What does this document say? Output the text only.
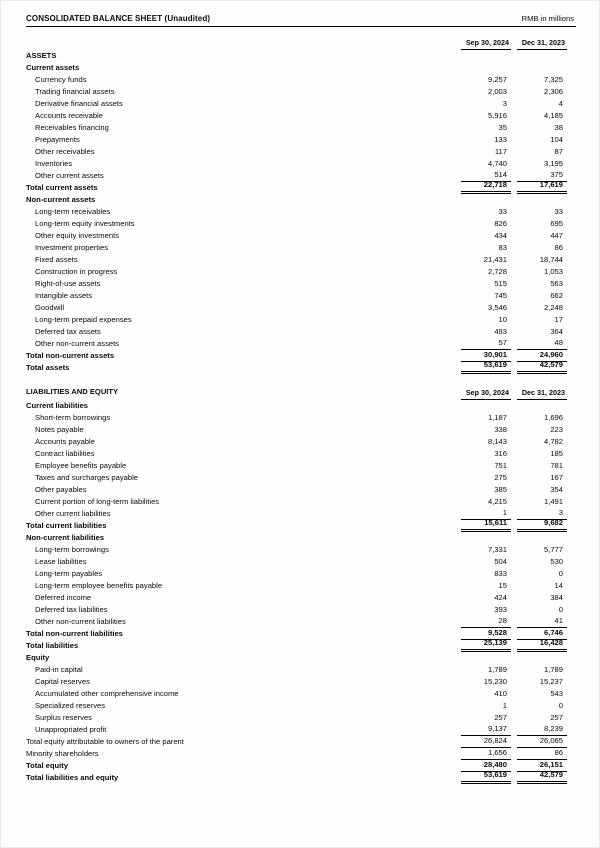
CONSOLIDATED BALANCE SHEET (Unaudited)	RMB in millions
Sep 30, 2024	Dec 31, 2023
ASSETS
Current assets
Currency funds	9,257	7,325
Trading financial assets	2,003	2,306
Derivative financial assets	3	4
Accounts receivable	5,916	4,185
Receivables financing	35	38
Prepayments	133	104
Other receivables	117	87
Inventories	4,740	3,195
Other current assets	514	375
Total current assets	22,718	17,619
Non-current assets
Long-term receivables	33	33
Long-term equity investments	826	695
Other equity investments	434	447
Investment properties	83	86
Fixed assets	21,431	18,744
Construction in progress	2,728	1,053
Right-of-use assets	515	563
Intangible assets	745	662
Goodwill	3,546	2,248
Long-term prepaid expenses	10	17
Deferred tax assets	493	364
Other non-current assets	57	48
Total non-current assets	30,901	24,960
Total assets	53,619	42,579
LIABILITIES AND EQUITY	Sep 30, 2024	Dec 31, 2023
Current liabilities
Short-term borrowings	1,187	1,696
Notes payable	338	223
Accounts payable	8,143	4,782
Contract liabilities	316	185
Employee benefits payable	751	781
Taxes and surcharges payable	275	167
Other payables	385	354
Current portion of long-term liabilities	4,215	1,491
Other current liabilities	1	3
Total current liabilities	15,611	9,682
Non-current liabilities
Long-term borrowings	7,331	5,777
Lease liabilities	504	530
Long-term payables	833	0
Long-term employee benefits payable	15	14
Deferred income	424	384
Deferred tax liabilities	393	0
Other non-current liabilities	28	41
Total non-current liabilities	9,528	6,746
Total liabilities	25,139	16,428
Equity
Paid-in capital	1,789	1,789
Capital reserves	15,230	15,237
Accumulated other comprehensive income	410	543
Specialized reserves	1	0
Surplus reserves	257	257
Unappropriated profit	9,137	8,239
Total equity attributable to owners of the parent	26,824	26,065
Minority shareholders	1,656	86
Total equity	28,480	26,151
Total liabilities and equity	53,619	42,579
